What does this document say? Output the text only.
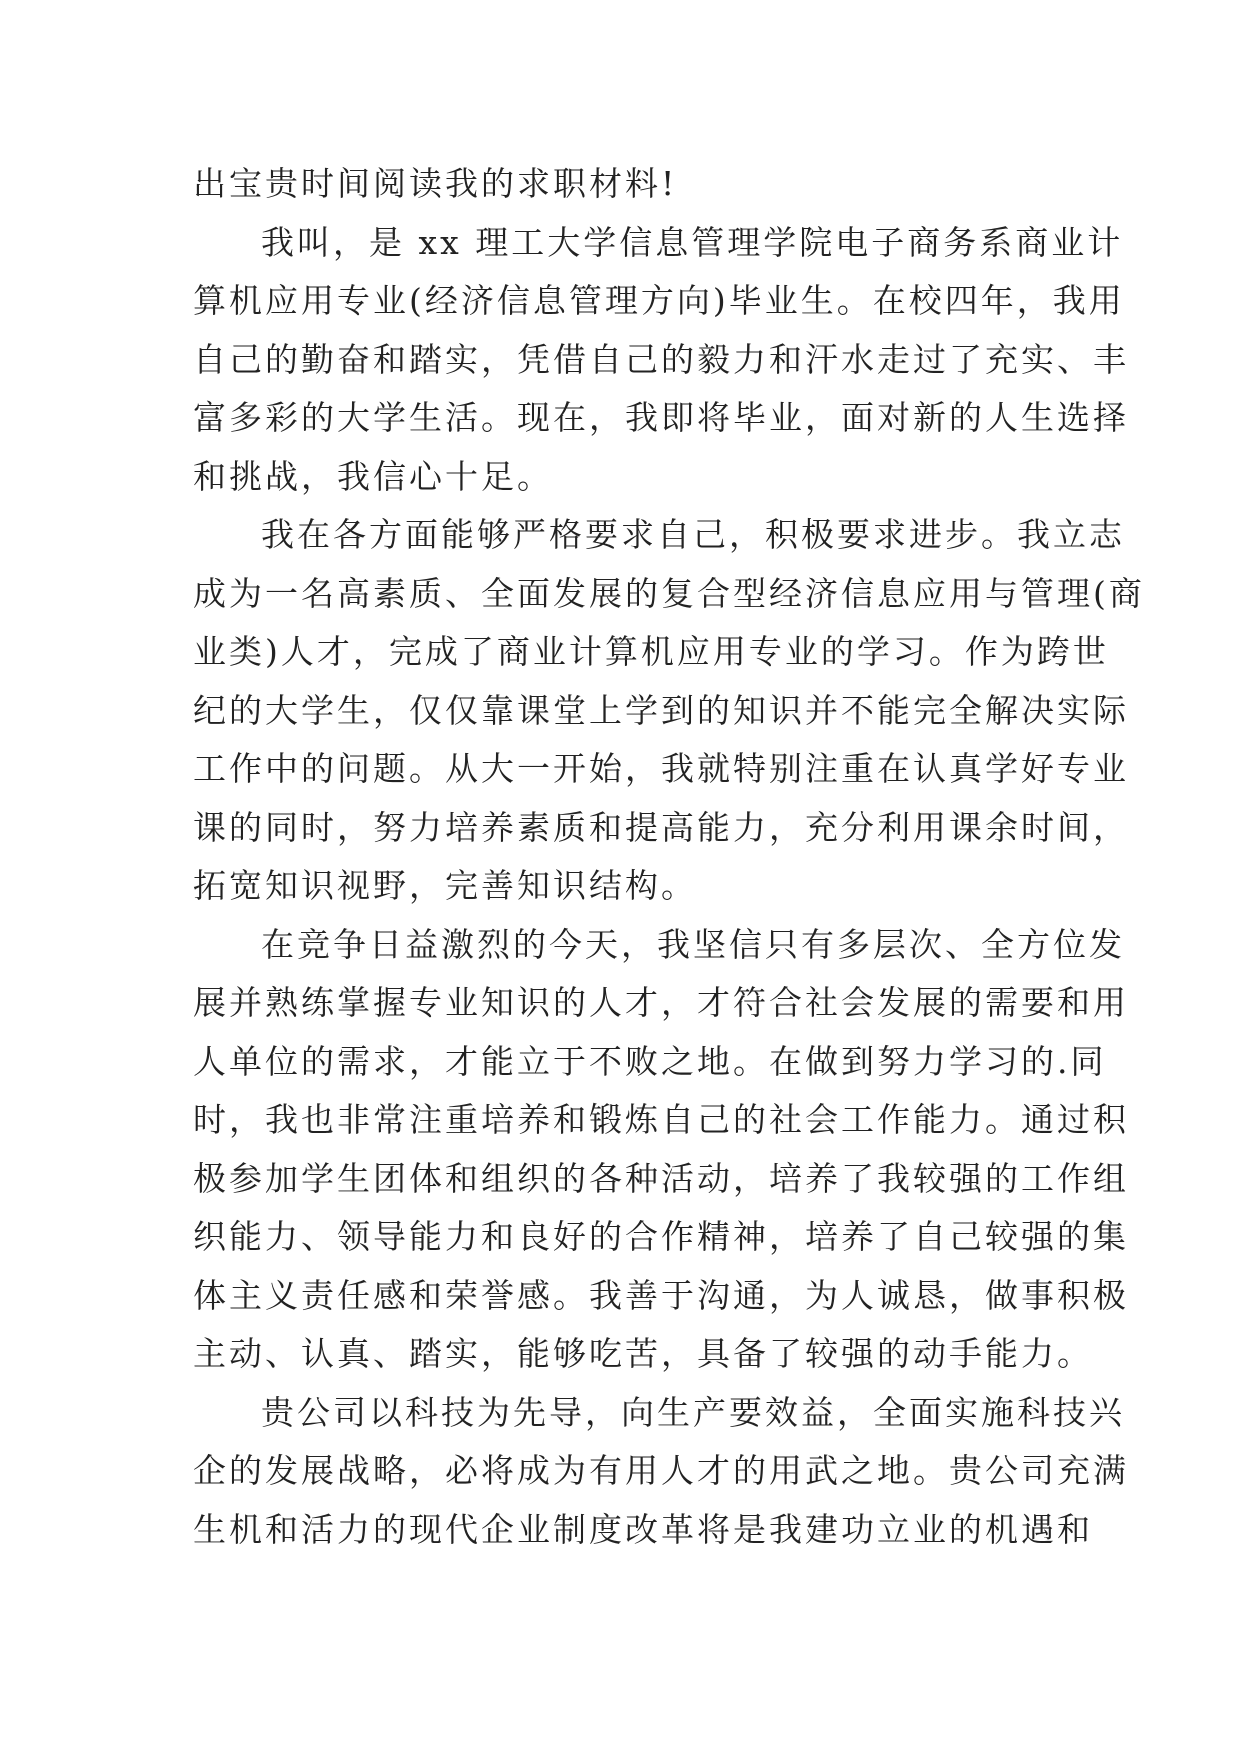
出宝贵时间阅读我的求职材料!
我叫，是 xx 理工大学信息管理学院电子商务系商业计
算机应用专业(经济信息管理方向)毕业生。在校四年，我用
自己的勤奋和踏实，凭借自己的毅力和汗水走过了充实、丰
富多彩的大学生活。现在，我即将毕业，面对新的人生选择
和挑战，我信心十足。
我在各方面能够严格要求自己，积极要求进步。我立志
成为一名高素质、全面发展的复合型经济信息应用与管理(商
业类)人才，完成了商业计算机应用专业的学习。作为跨世
纪的大学生，仅仅靠课堂上学到的知识并不能完全解决实际
工作中的问题。从大一开始，我就特别注重在认真学好专业
课的同时，努力培养素质和提高能力，充分利用课余时间，
拓宽知识视野，完善知识结构。
在竞争日益激烈的今天，我坚信只有多层次、全方位发
展并熟练掌握专业知识的人才，才符合社会发展的需要和用
人单位的需求，才能立于不败之地。在做到努力学习的.同
时，我也非常注重培养和锻炼自己的社会工作能力。通过积
极参加学生团体和组织的各种活动，培养了我较强的工作组
织能力、领导能力和良好的合作精神，培养了自己较强的集
体主义责任感和荣誉感。我善于沟通，为人诚恳，做事积极
主动、认真、踏实，能够吃苦，具备了较强的动手能力。
贵公司以科技为先导，向生产要效益，全面实施科技兴
企的发展战略，必将成为有用人才的用武之地。贵公司充满
生机和活力的现代企业制度改革将是我建功立业的机遇和
